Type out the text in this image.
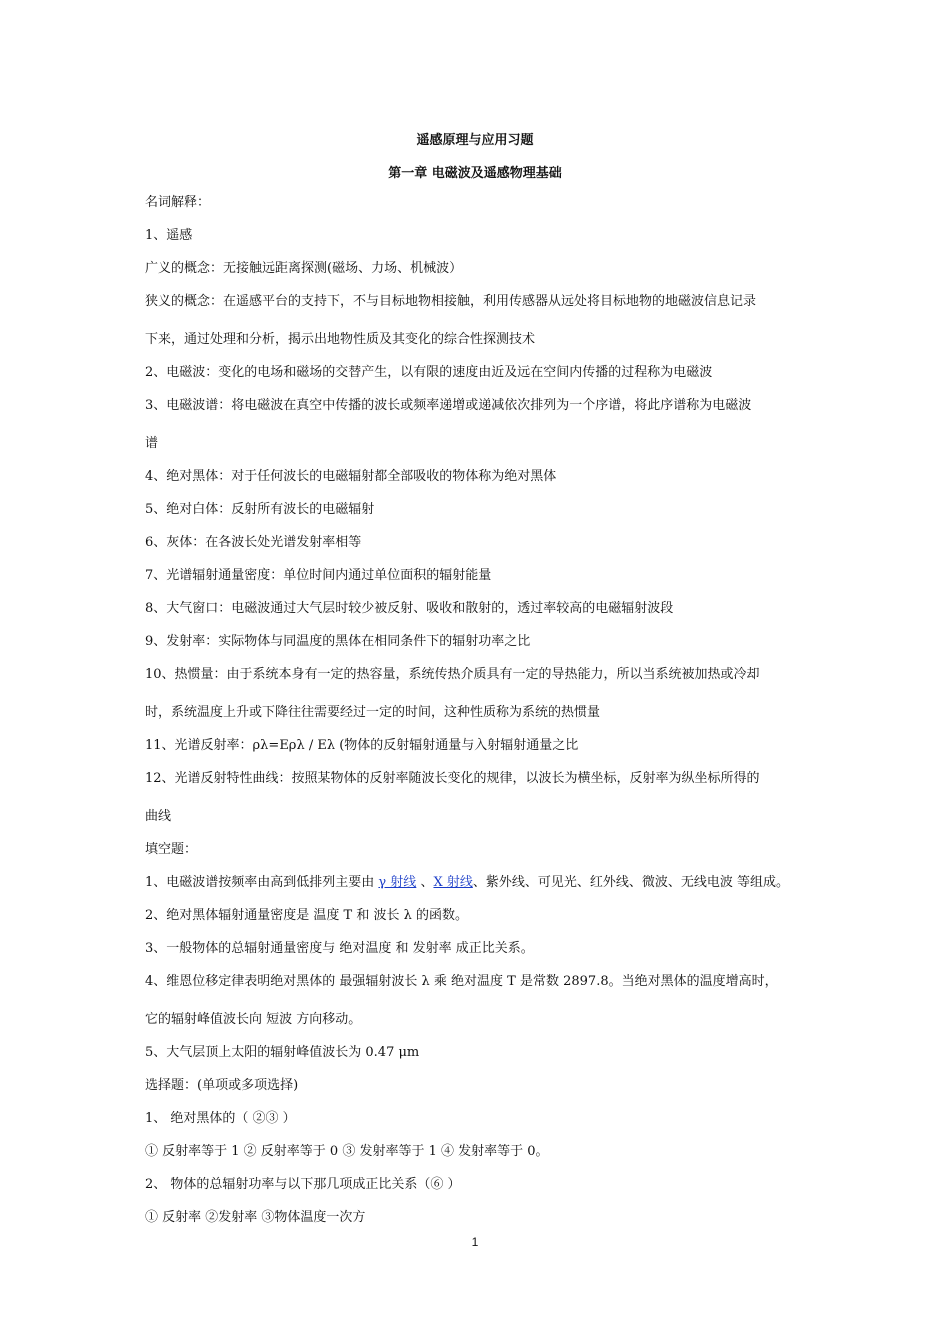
遥感原理与应用习题
第一章 电磁波及遥感物理基础
名词解释：
1、遥感
广义的概念：无接触远距离探测(磁场、力场、机械波）
狭义的概念：在遥感平台的支持下，不与目标地物相接触，利用传感器从远处将目标地物的地磁波信息记录
下来，通过处理和分析，揭示出地物性质及其变化的综合性探测技术
2、电磁波：变化的电场和磁场的交替产生，以有限的速度由近及远在空间内传播的过程称为电磁波
3、电磁波谱：将电磁波在真空中传播的波长或频率递增或递减依次排列为一个序谱，将此序谱称为电磁波
谱
4、绝对黑体：对于任何波长的电磁辐射都全部吸收的物体称为绝对黑体
5、绝对白体：反射所有波长的电磁辐射
6、灰体：在各波长处光谱发射率相等
7、光谱辐射通量密度：单位时间内通过单位面积的辐射能量
8、大气窗口：电磁波通过大气层时较少被反射、吸收和散射的，透过率较高的电磁辐射波段
9、发射率：实际物体与同温度的黑体在相同条件下的辐射功率之比
10、热惯量：由于系统本身有一定的热容量，系统传热介质具有一定的导热能力，所以当系统被加热或冷却
时，系统温度上升或下降往往需要经过一定的时间，这种性质称为系统的热惯量
11、光谱反射率：ρλ=Eρλ / Eλ (物体的反射辐射通量与入射辐射通量之比
12、光谱反射特性曲线：按照某物体的反射率随波长变化的规律，以波长为横坐标，反射率为纵坐标所得的
曲线
填空题：
1、电磁波谱按频率由高到低排列主要由 γ 射线 、X 射线、紫外线、可见光、红外线、微波、无线电波 等组成。
2、绝对黑体辐射通量密度是 温度 T 和 波长 λ 的函数。
3、一般物体的总辐射通量密度与 绝对温度 和 发射率 成正比关系。
4、维恩位移定律表明绝对黑体的 最强辐射波长 λ 乘 绝对温度 T 是常数 2897.8。当绝对黑体的温度增高时，
它的辐射峰值波长向 短波 方向移动。
5、大气层顶上太阳的辐射峰值波长为 0.47 μm
选择题：(单项或多项选择)
1、 绝对黑体的（ ②③ ）
① 反射率等于 1 ② 反射率等于 0 ③ 发射率等于 1 ④ 发射率等于 0。
2、 物体的总辐射功率与以下那几项成正比关系（⑥ ）
① 反射率 ②发射率 ③物体温度一次方
1
